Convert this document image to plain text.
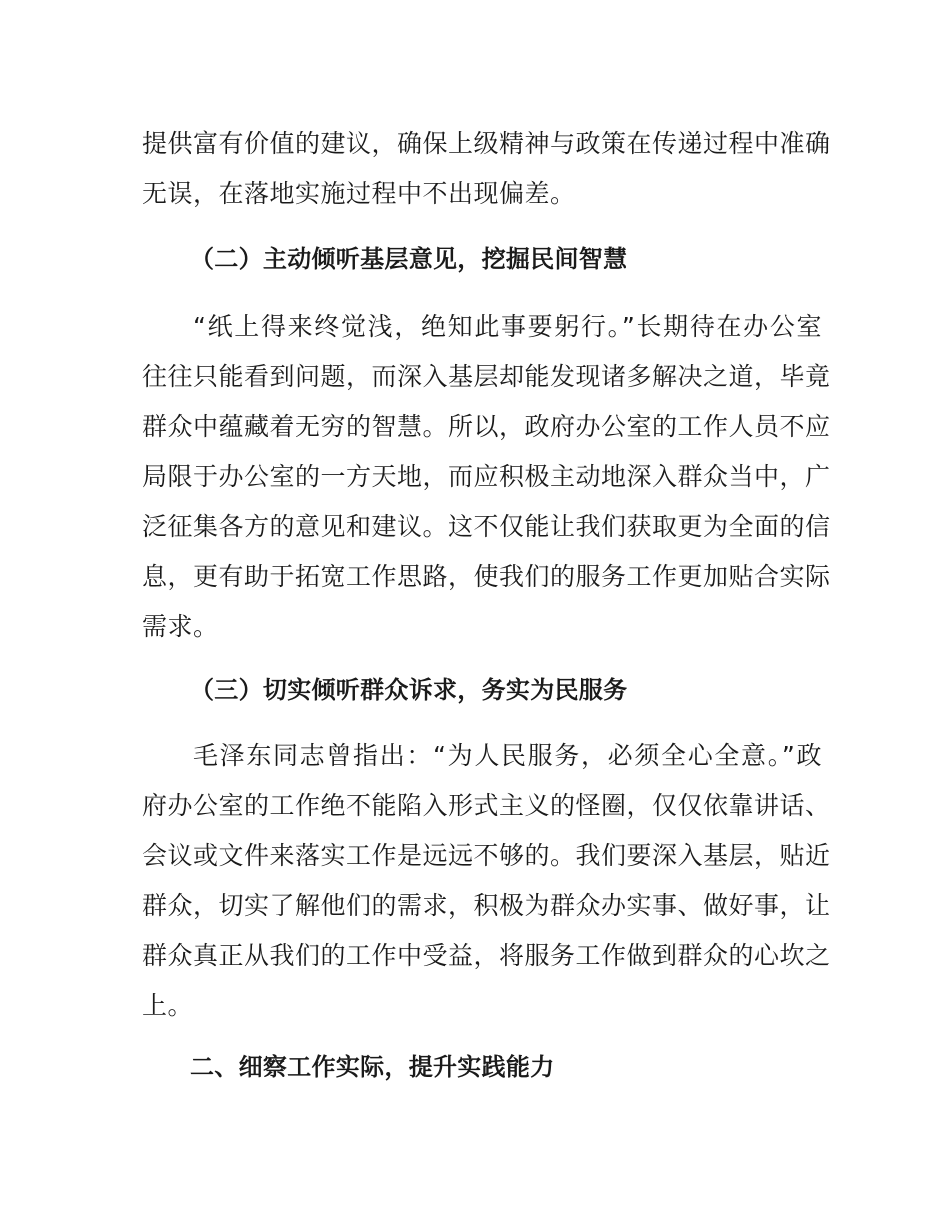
提供富有价值的建议，确保上级精神与政策在传递过程中准确
无误，在落地实施过程中不出现偏差。
（二）主动倾听基层意见，挖掘民间智慧
“纸上得来终觉浅，绝知此事要躬行。”长期待在办公室
往往只能看到问题，而深入基层却能发现诸多解决之道，毕竟
群众中蕴藏着无穷的智慧。所以，政府办公室的工作人员不应
局限于办公室的一方天地，而应积极主动地深入群众当中，广
泛征集各方的意见和建议。这不仅能让我们获取更为全面的信
息，更有助于拓宽工作思路，使我们的服务工作更加贴合实际
需求。
（三）切实倾听群众诉求，务实为民服务
毛泽东同志曾指出：“为人民服务，必须全心全意。”政
府办公室的工作绝不能陷入形式主义的怪圈，仅仅依靠讲话、
会议或文件来落实工作是远远不够的。我们要深入基层，贴近
群众，切实了解他们的需求，积极为群众办实事、做好事，让
群众真正从我们的工作中受益，将服务工作做到群众的心坎之
上。
二、细察工作实际，提升实践能力
